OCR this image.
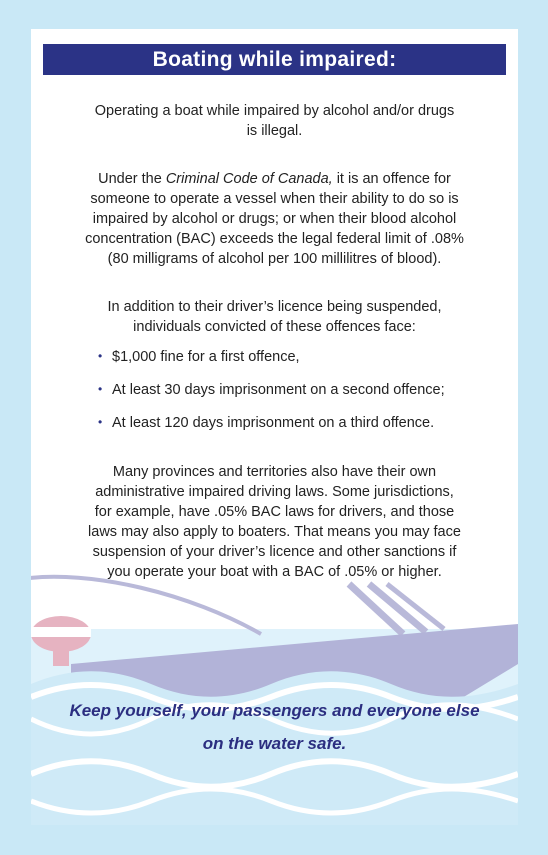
Boating while impaired:
Operating a boat while impaired by alcohol and/or drugs
is illegal.
Under the Criminal Code of Canada, it is an offence for
someone to operate a vessel when their ability to do so is
impaired by alcohol or drugs; or when their blood alcohol
concentration (BAC) exceeds the legal federal limit of .08%
(80 milligrams of alcohol per 100 millilitres of blood).
In addition to their driver’s licence being suspended,
individuals convicted of these offences face:
• $1,000 fine for a first offence,
• At least 30 days imprisonment on a second offence;
• At least 120 days imprisonment on a third offence.
Many provinces and territories also have their own
administrative impaired driving laws. Some jurisdictions,
for example, have .05% BAC laws for drivers, and those
laws may also apply to boaters. That means you may face
suspension of your driver’s licence and other sanctions if
you operate your boat with a BAC of .05% or higher.
Keep yourself, your passengers and everyone else
on the water safe.
